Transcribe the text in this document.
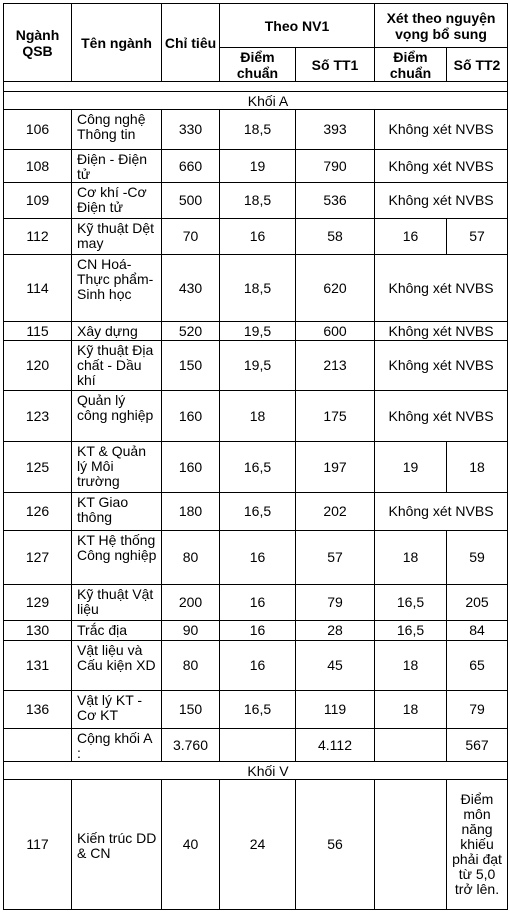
Ngành QSB	Tên ngành	Chỉ tiêu	Theo NV1		Xét theo nguyện vọng bổ sung	
			Điểm chuẩn	Số TT1	Điểm chuẩn	Số TT2

		Khối A				
106	Công nghệ Thông tin	330	18,5	393	Không xét NVBS	
108	Điện - Điện tử	660	19	790	Không xét NVBS	
109	Cơ khí -Cơ Điện tử	500	18,5	536	Không xét NVBS	
112	Kỹ thuật Dệt may	70	16	58	16	57
114	CN Hoá-Thực phẩm-Sinh học	430	18,5	620	Không xét NVBS	
115	Xây dựng	520	19,5	600	Không xét NVBS	
120	Kỹ thuật Địa chất - Dầu khí	150	19,5	213	Không xét NVBS	
123	Quản lý công nghiệp	160	18	175	Không xét NVBS	
125	KT & Quản lý Môi trường	160	16,5	197	19	18
126	KT Giao thông	180	16,5	202	Không xét NVBS	
127	KT Hệ thống Công nghiệp	80	16	57	18	59
129	Kỹ thuật Vật liệu	200	16	79	16,5	205
130	Trắc địa	90	16	28	16,5	84
131	Vật liệu và Cấu kiện XD	80	16	45	18	65
136	Vật lý KT - Cơ KT	150	16,5	119	18	79
	Cộng khối A :	3.760		4.112		567
		Khối V				
117	Kiến trúc DD & CN	40	24	56		Điểm môn năng khiếu phải đạt từ 5,0 trở lên.
